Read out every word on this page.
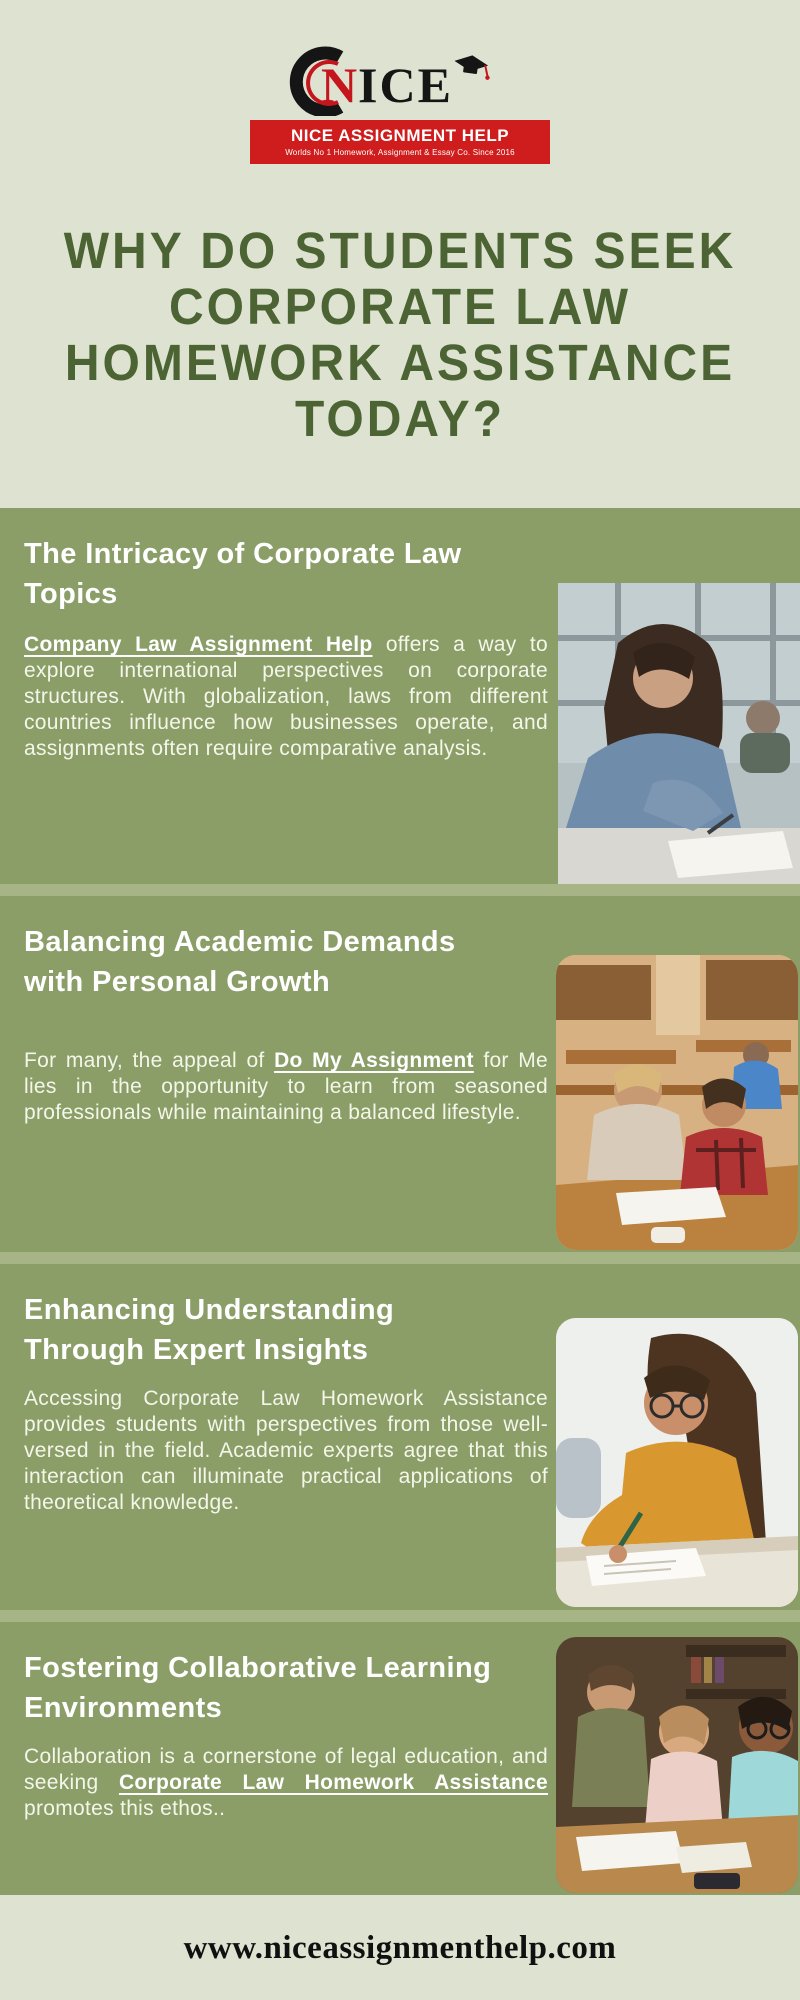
N ICE
NICE ASSIGNMENT HELP
Worlds No 1 Homework, Assignment & Essay Co. Since 2016
WHY DO STUDENTS SEEK
CORPORATE LAW
HOMEWORK ASSISTANCE
TODAY?
The Intricacy of Corporate Law Topics

Company Law Assignment Help offers a way to explore international perspectives on corporate structures. With globalization, laws from different countries influence how businesses operate, and assignments often require comparative analysis.

Balancing Academic Demands with Personal Growth

For many, the appeal of Do My Assignment for Me lies in the opportunity to learn from seasoned professionals while maintaining a balanced lifestyle.

Enhancing Understanding Through Expert Insights

Accessing Corporate Law Homework Assistance provides students with perspectives from those well-versed in the field. Academic experts agree that this interaction can illuminate practical applications of theoretical knowledge.

Fostering Collaborative Learning Environments

Collaboration is a cornerstone of legal education, and seeking Corporate Law Homework Assistance promotes this ethos..

www.niceassignmenthelp.com
